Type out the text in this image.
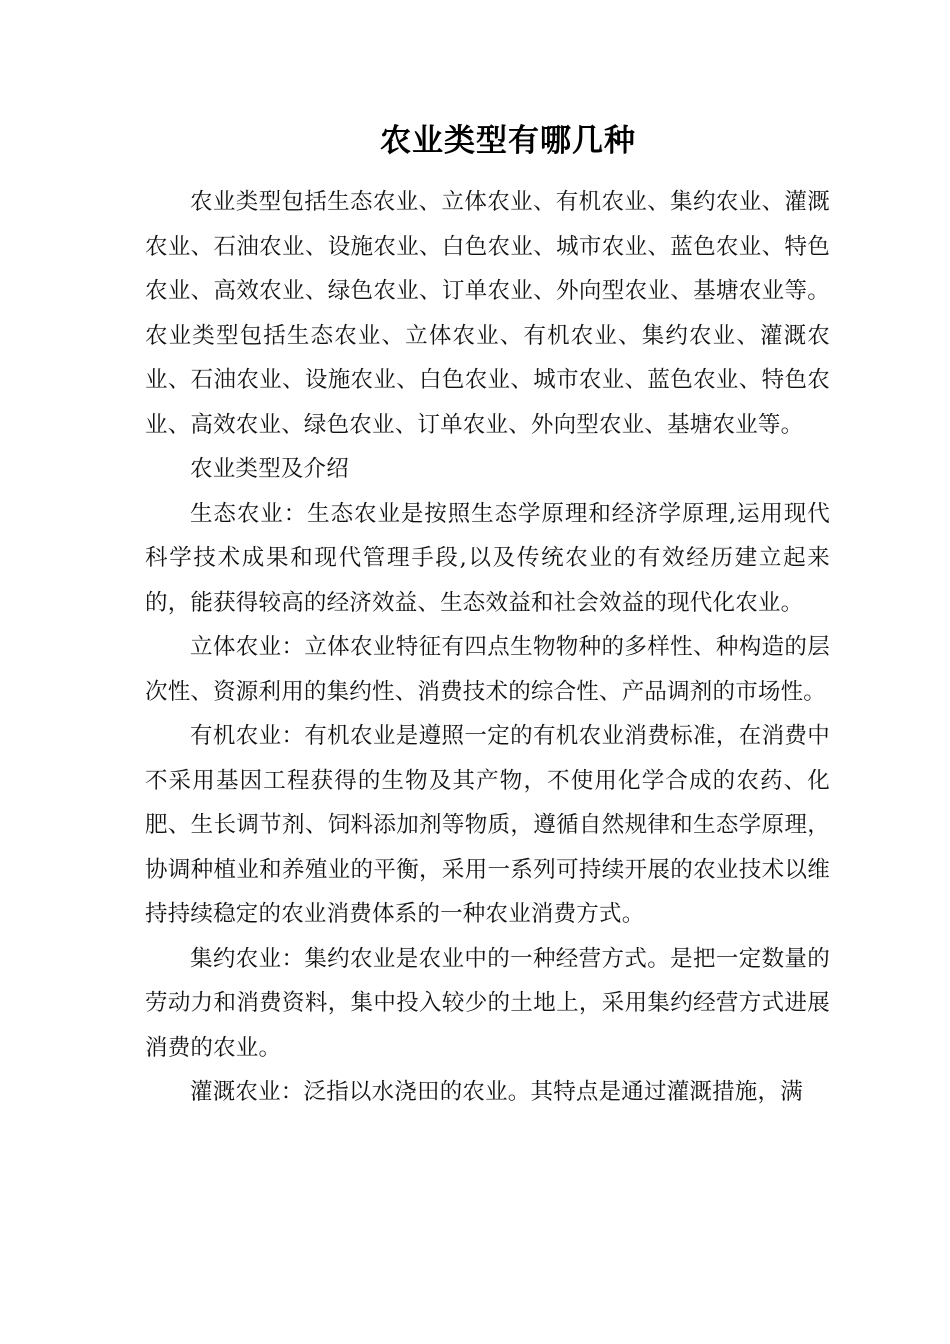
农业类型有哪几种

农业类型包括生态农业、立体农业、有机农业、集约农业、灌溉农业、石油农业、设施农业、白色农业、城市农业、蓝色农业、特色农业、高效农业、绿色农业、订单农业、外向型农业、基塘农业等。农业类型包括生态农业、立体农业、有机农业、集约农业、灌溉农业、石油农业、设施农业、白色农业、城市农业、蓝色农业、特色农业、高效农业、绿色农业、订单农业、外向型农业、基塘农业等。

农业类型及介绍

生态农业：生态农业是按照生态学原理和经济学原理,运用现代科学技术成果和现代管理手段,以及传统农业的有效经历建立起来的，能获得较高的经济效益、生态效益和社会效益的现代化农业。

立体农业：立体农业特征有四点生物物种的多样性、种构造的层次性、资源利用的集约性、消费技术的综合性、产品调剂的市场性。

有机农业：有机农业是遵照一定的有机农业消费标准，在消费中不采用基因工程获得的生物及其产物，不使用化学合成的农药、化肥、生长调节剂、饲料添加剂等物质，遵循自然规律和生态学原理，协调种植业和养殖业的平衡，采用一系列可持续开展的农业技术以维持持续稳定的农业消费体系的一种农业消费方式。

集约农业：集约农业是农业中的一种经营方式。是把一定数量的劳动力和消费资料，集中投入较少的土地上，采用集约经营方式进展消费的农业。

灌溉农业：泛指以水浇田的农业。其特点是通过灌溉措施，满
